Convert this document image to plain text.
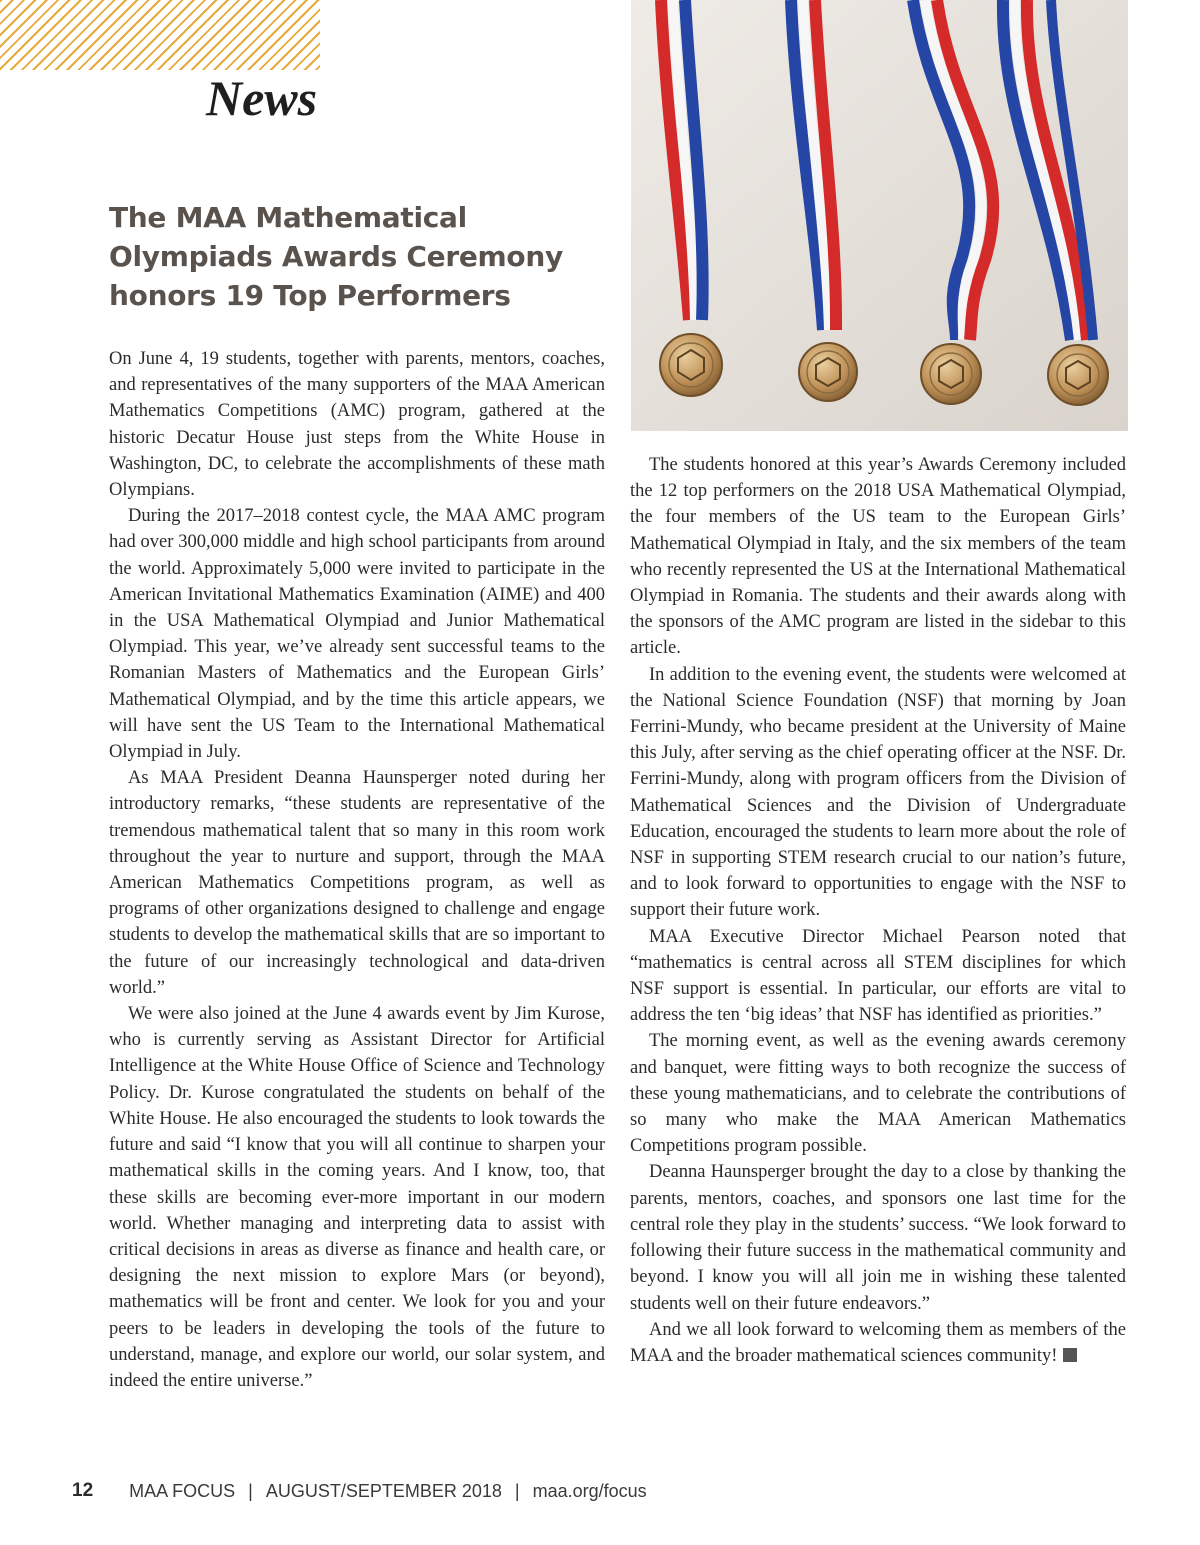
News
The MAA Mathematical Olympiads Awards Ceremony honors 19 Top Performers

On June 4, 19 students, together with parents, mentors, coaches, and representatives of the many supporters of the MAA American Mathematics Competitions (AMC) program, gathered at the historic Decatur House just steps from the White House in Washington, DC, to celebrate the accomplishments of these math Olympians.

During the 2017–2018 contest cycle, the MAA AMC program had over 300,000 middle and high school participants from around the world. Approximately 5,000 were invited to participate in the American Invitational Mathematics Examination (AIME) and 400 in the USA Mathematical Olympiad and Junior Mathematical Olympiad. This year, we’ve already sent successful teams to the Romanian Masters of Mathematics and the European Girls’ Mathematical Olympiad, and by the time this article appears, we will have sent the US Team to the International Mathematical Olympiad in July.

As MAA President Deanna Haunsperger noted during her introductory remarks, “these students are representative of the tremendous mathematical talent that so many in this room work throughout the year to nurture and support, through the MAA American Mathematics Competitions program, as well as programs of other organizations designed to challenge and engage students to develop the mathematical skills that are so important to the future of our increasingly technological and data-driven world.”

We were also joined at the June 4 awards event by Jim Kurose, who is currently serving as Assistant Director for Artificial Intelligence at the White House Office of Science and Technology Policy. Dr. Kurose congratulated the students on behalf of the White House. He also encouraged the students to look towards the future and said “I know that you will all continue to sharpen your mathematical skills in the coming years. And I know, too, that these skills are becoming ever-more important in our modern world. Whether managing and interpreting data to assist with critical decisions in areas as diverse as finance and health care, or designing the next mission to explore Mars (or beyond), mathematics will be front and center. We look for you and your peers to be leaders in developing the tools of the future to understand, manage, and explore our world, our solar system, and indeed the entire universe.”

The students honored at this year’s Awards Ceremony included the 12 top performers on the 2018 USA Mathematical Olympiad, the four members of the US team to the European Girls’ Mathematical Olympiad in Italy, and the six members of the team who recently represented the US at the International Mathematical Olympiad in Romania. The students and their awards along with the sponsors of the AMC program are listed in the sidebar to this article.

In addition to the evening event, the students were welcomed at the National Science Foundation (NSF) that morning by Joan Ferrini-Mundy, who became president at the University of Maine this July, after serving as the chief operating officer at the NSF. Dr. Ferrini-Mundy, along with program officers from the Division of Mathematical Sciences and the Division of Undergraduate Education, encouraged the students to learn more about the role of NSF in supporting STEM research crucial to our nation’s future, and to look forward to opportunities to engage with the NSF to support their future work.

MAA Executive Director Michael Pearson noted that “mathematics is central across all STEM disciplines for which NSF support is essential. In particular, our efforts are vital to address the ten ‘big ideas’ that NSF has identified as priorities.”

The morning event, as well as the evening awards ceremony and banquet, were fitting ways to both recognize the success of these young mathematicians, and to celebrate the contributions of so many who make the MAA American Mathematics Competitions program possible.

Deanna Haunsperger brought the day to a close by thanking the parents, mentors, coaches, and sponsors one last time for the central role they play in the students’ success. “We look forward to following their future success in the mathematical community and beyond. I know you will all join me in wishing these talented students well on their future endeavors.”

And we all look forward to welcoming them as members of the MAA and the broader mathematical sciences community!

12 MAA FOCUS | AUGUST/SEPTEMBER 2018 | maa.org/focus
